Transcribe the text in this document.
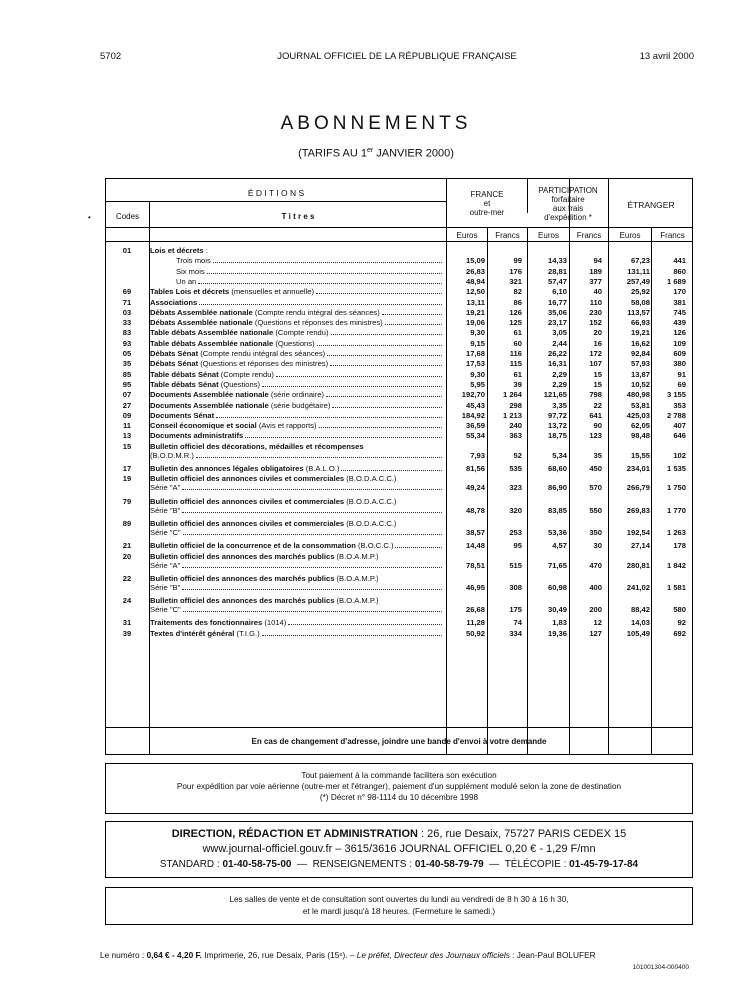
5702	JOURNAL OFFICIEL DE LA RÉPUBLIQUE FRANÇAISE	13 avril 2000
ABONNEMENTS
(TARIFS AU 1er JANVIER 2000)
•
É D I T I O N S
Codes	T i t r e s
FRANCE
et
outre-mer
PARTICIPATION
forfaitaire
aux frais
d'expédition *
ÉTRANGER
Euros	Francs	Euros	Francs	Euros	Francs
01	Lois et décrets :
Trois mois	15,09	99	14,33	94	67,23	441
Six mois	26,83	176	28,81	189	131,11	860
Un an	48,94	321	57,47	377	257,49	1 689
69	Tables Lois et décrets (mensuelles et annuelle)	12,50	82	6,10	40	25,92	170
71	Associations	13,11	86	16,77	110	58,08	381
03	Débats Assemblée nationale (Compte rendu intégral des séances)	19,21	126	35,06	230	113,57	745
33	Débats Assemblée nationale (Questions et réponses des ministres)	19,06	125	23,17	152	66,93	439
83	Table débats Assemblée nationale (Compte rendu)	9,30	61	3,05	20	19,21	126
93	Table débats Assemblée nationale (Questions)	9,15	60	2,44	16	16,62	109
05	Débats Sénat (Compte rendu intégral des séances)	17,68	116	26,22	172	92,84	609
35	Débats Sénat (Questions et réponses des ministres)	17,53	115	16,31	107	57,93	380
85	Table débats Sénat (Compte rendu)	9,30	61	2,29	15	13,87	91
95	Table débats Sénat (Questions)	5,95	39	2,29	15	10,52	69
07	Documents Assemblée nationale (série ordinaire)	192,70	1 264	121,65	798	480,98	3 155
27	Documents Assemblée nationale (série budgétaire)	45,43	298	3,35	22	53,81	353
09	Documents Sénat	184,92	1 213	97,72	641	425,03	2 788
11	Conseil économique et social (Avis et rapports)	36,59	240	13,72	90	62,05	407
13	Documents administratifs	55,34	363	18,75	123	98,48	646
15	Bulletin officiel des décorations, médailles et récompenses
(B.O.D.M.R.)	7,93	52	5,34	35	15,55	102
17	Bulletin des annonces légales obligatoires (B.A.L.O.)	81,56	535	68,60	450	234,01	1 535
19	Bulletin officiel des annonces civiles et commerciales (B.O.D.A.C.C.)
Série "A"	49,24	323	86,90	570	266,79	1 750
79	Bulletin officiel des annonces civiles et commerciales (B.O.D.A.C.C.)
Série "B"	48,78	320	83,85	550	269,83	1 770
89	Bulletin officiel des annonces civiles et commerciales (B.O.D.A.C.C.)
Série "C"	38,57	253	53,36	350	192,54	1 263
21	Bulletin officiel de la concurrence et de la consommation (B.O.C.C.)	14,48	95	4,57	30	27,14	178
20	Bulletin officiel des annonces des marchés publics (B.O.A.M.P.)
Série "A"	78,51	515	71,65	470	280,81	1 842
22	Bulletin officiel des annonces des marchés publics (B.O.A.M.P.)
Série "B"	46,95	308	60,98	400	241,02	1 581
24	Bulletin officiel des annonces des marchés publics (B.O.A.M.P.)
Série "C"	26,68	175	30,49	200	88,42	580
31	Traitements des fonctionnaires (1014)	11,28	74	1,83	12	14,03	92
39	Textes d'intérêt général (T.I.G.)	50,92	334	19,36	127	105,49	692
En cas de changement d'adresse, joindre une bande d'envoi à votre demande
Tout paiement à la commande facilitera son exécution
Pour expédition par voie aérienne (outre-mer et l'étranger), paiement d'un supplément modulé selon la zone de destination
(*) Décret n° 98-1114 du 10 décembre 1998
DIRECTION, RÉDACTION ET ADMINISTRATION : 26, rue Desaix, 75727 PARIS CEDEX 15
www.journal-officiel.gouv.fr – 3615/3616 JOURNAL OFFICIEL 0,20 € - 1,29 F/mn
STANDARD : 01-40-58-75-00  —  RENSEIGNEMENTS : 01-40-58-79-79  —  TÉLÉCOPIE : 01-45-79-17-84
Les salles de vente et de consultation sont ouvertes du lundi au vendredi de 8 h 30 à 16 h 30,
et le mardi jusqu'à 18 heures. (Fermeture le samedi.)
Le numéro : 0,64 € - 4,20 F. Imprimerie, 26, rue Desaix, Paris (15ᵉ). – Le préfet, Directeur des Journaux officiels : Jean-Paul BOLUFER
101001304-000400
